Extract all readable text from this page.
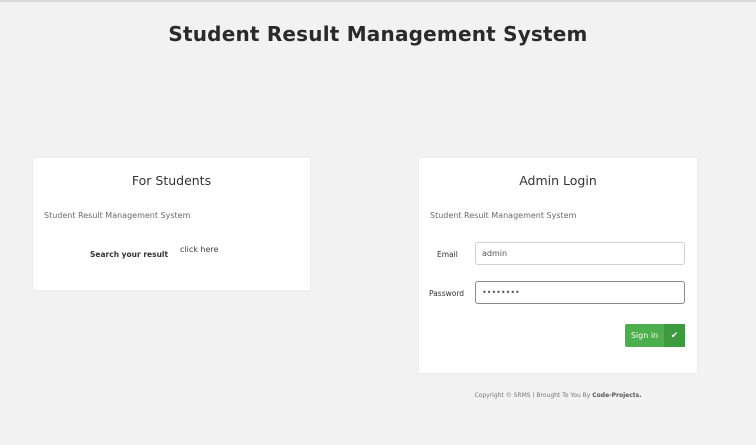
Student Result Management System
For Students
Student Result Management System
Search your result
click here
Admin Login
Student Result Management System
Email
admin
Password
••••••••
Sign in	✔
Copyright © SRMS | Brought To You By Code-Projects.
